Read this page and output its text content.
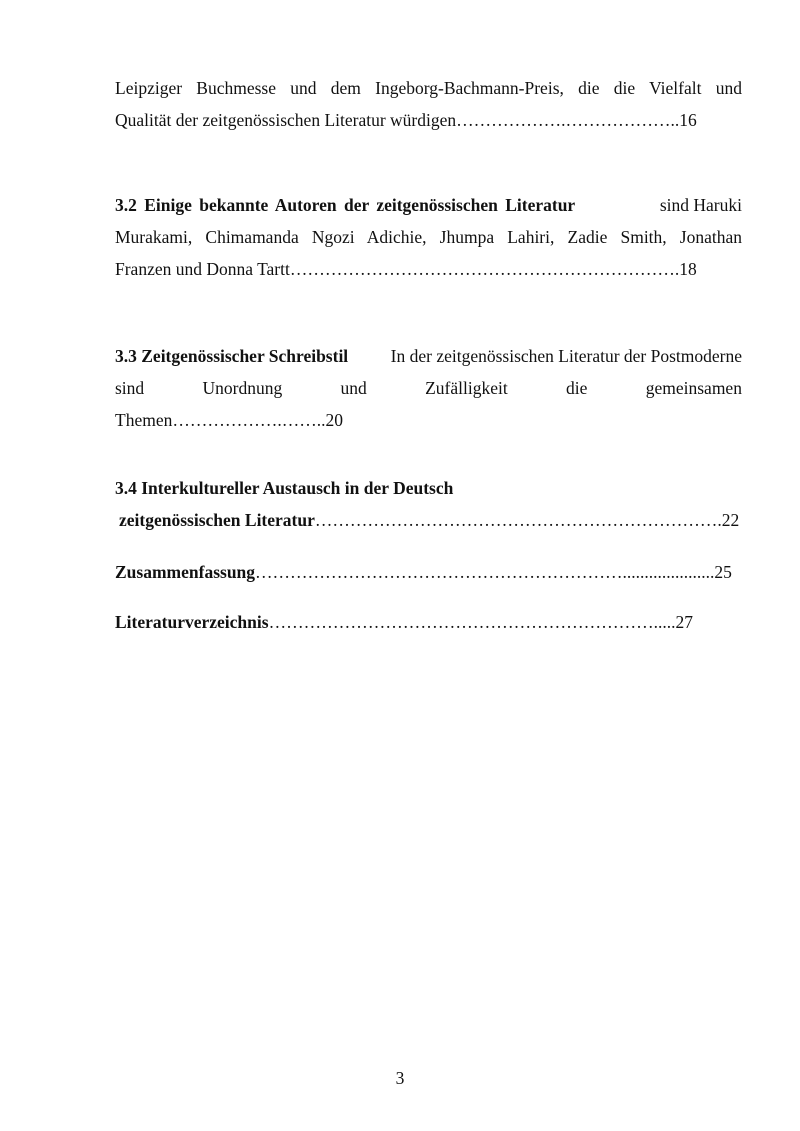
Leipziger Buchmesse und dem Ingeborg-Bachmann-Preis, die die Vielfalt und
Qualität der zeitgenössischen Literatur würdigen……………….………………..16
3.2 Einige bekannte Autoren der zeitgenössischen Literatur	sind Haruki
Murakami, Chimamanda Ngozi Adichie, Jhumpa Lahiri, Zadie Smith, Jonathan
Franzen und Donna Tartt………………………………………………………….18
3.3 Zeitgenössischer Schreibstil In der zeitgenössischen Literatur der Postmoderne
sind	Unordnung	und	Zufälligkeit	die	gemeinsamen
Themen……………….……..20
3.4 Interkultureller Austausch in der Deutsch
zeitgenössischen Literatur…………………………………………………………….22
Zusammenfassung……………………………………………………….....................25
Literaturverzeichnis………………………………………………………….....27
3
